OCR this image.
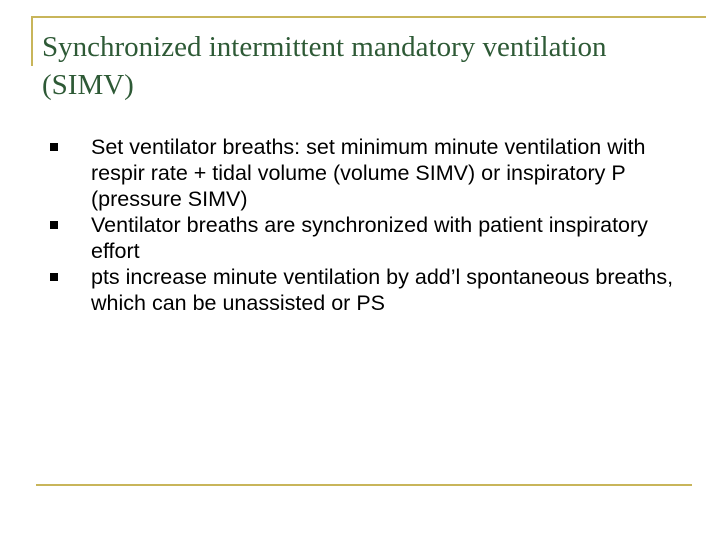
Synchronized intermittent mandatory ventilation (SIMV)
Set ventilator breaths: set minimum minute ventilation with respir rate + tidal volume (volume SIMV) or inspiratory P (pressure SIMV)
Ventilator breaths are synchronized with patient inspiratory effort
pts increase minute ventilation by add’l spontaneous breaths, which can be unassisted or PS
